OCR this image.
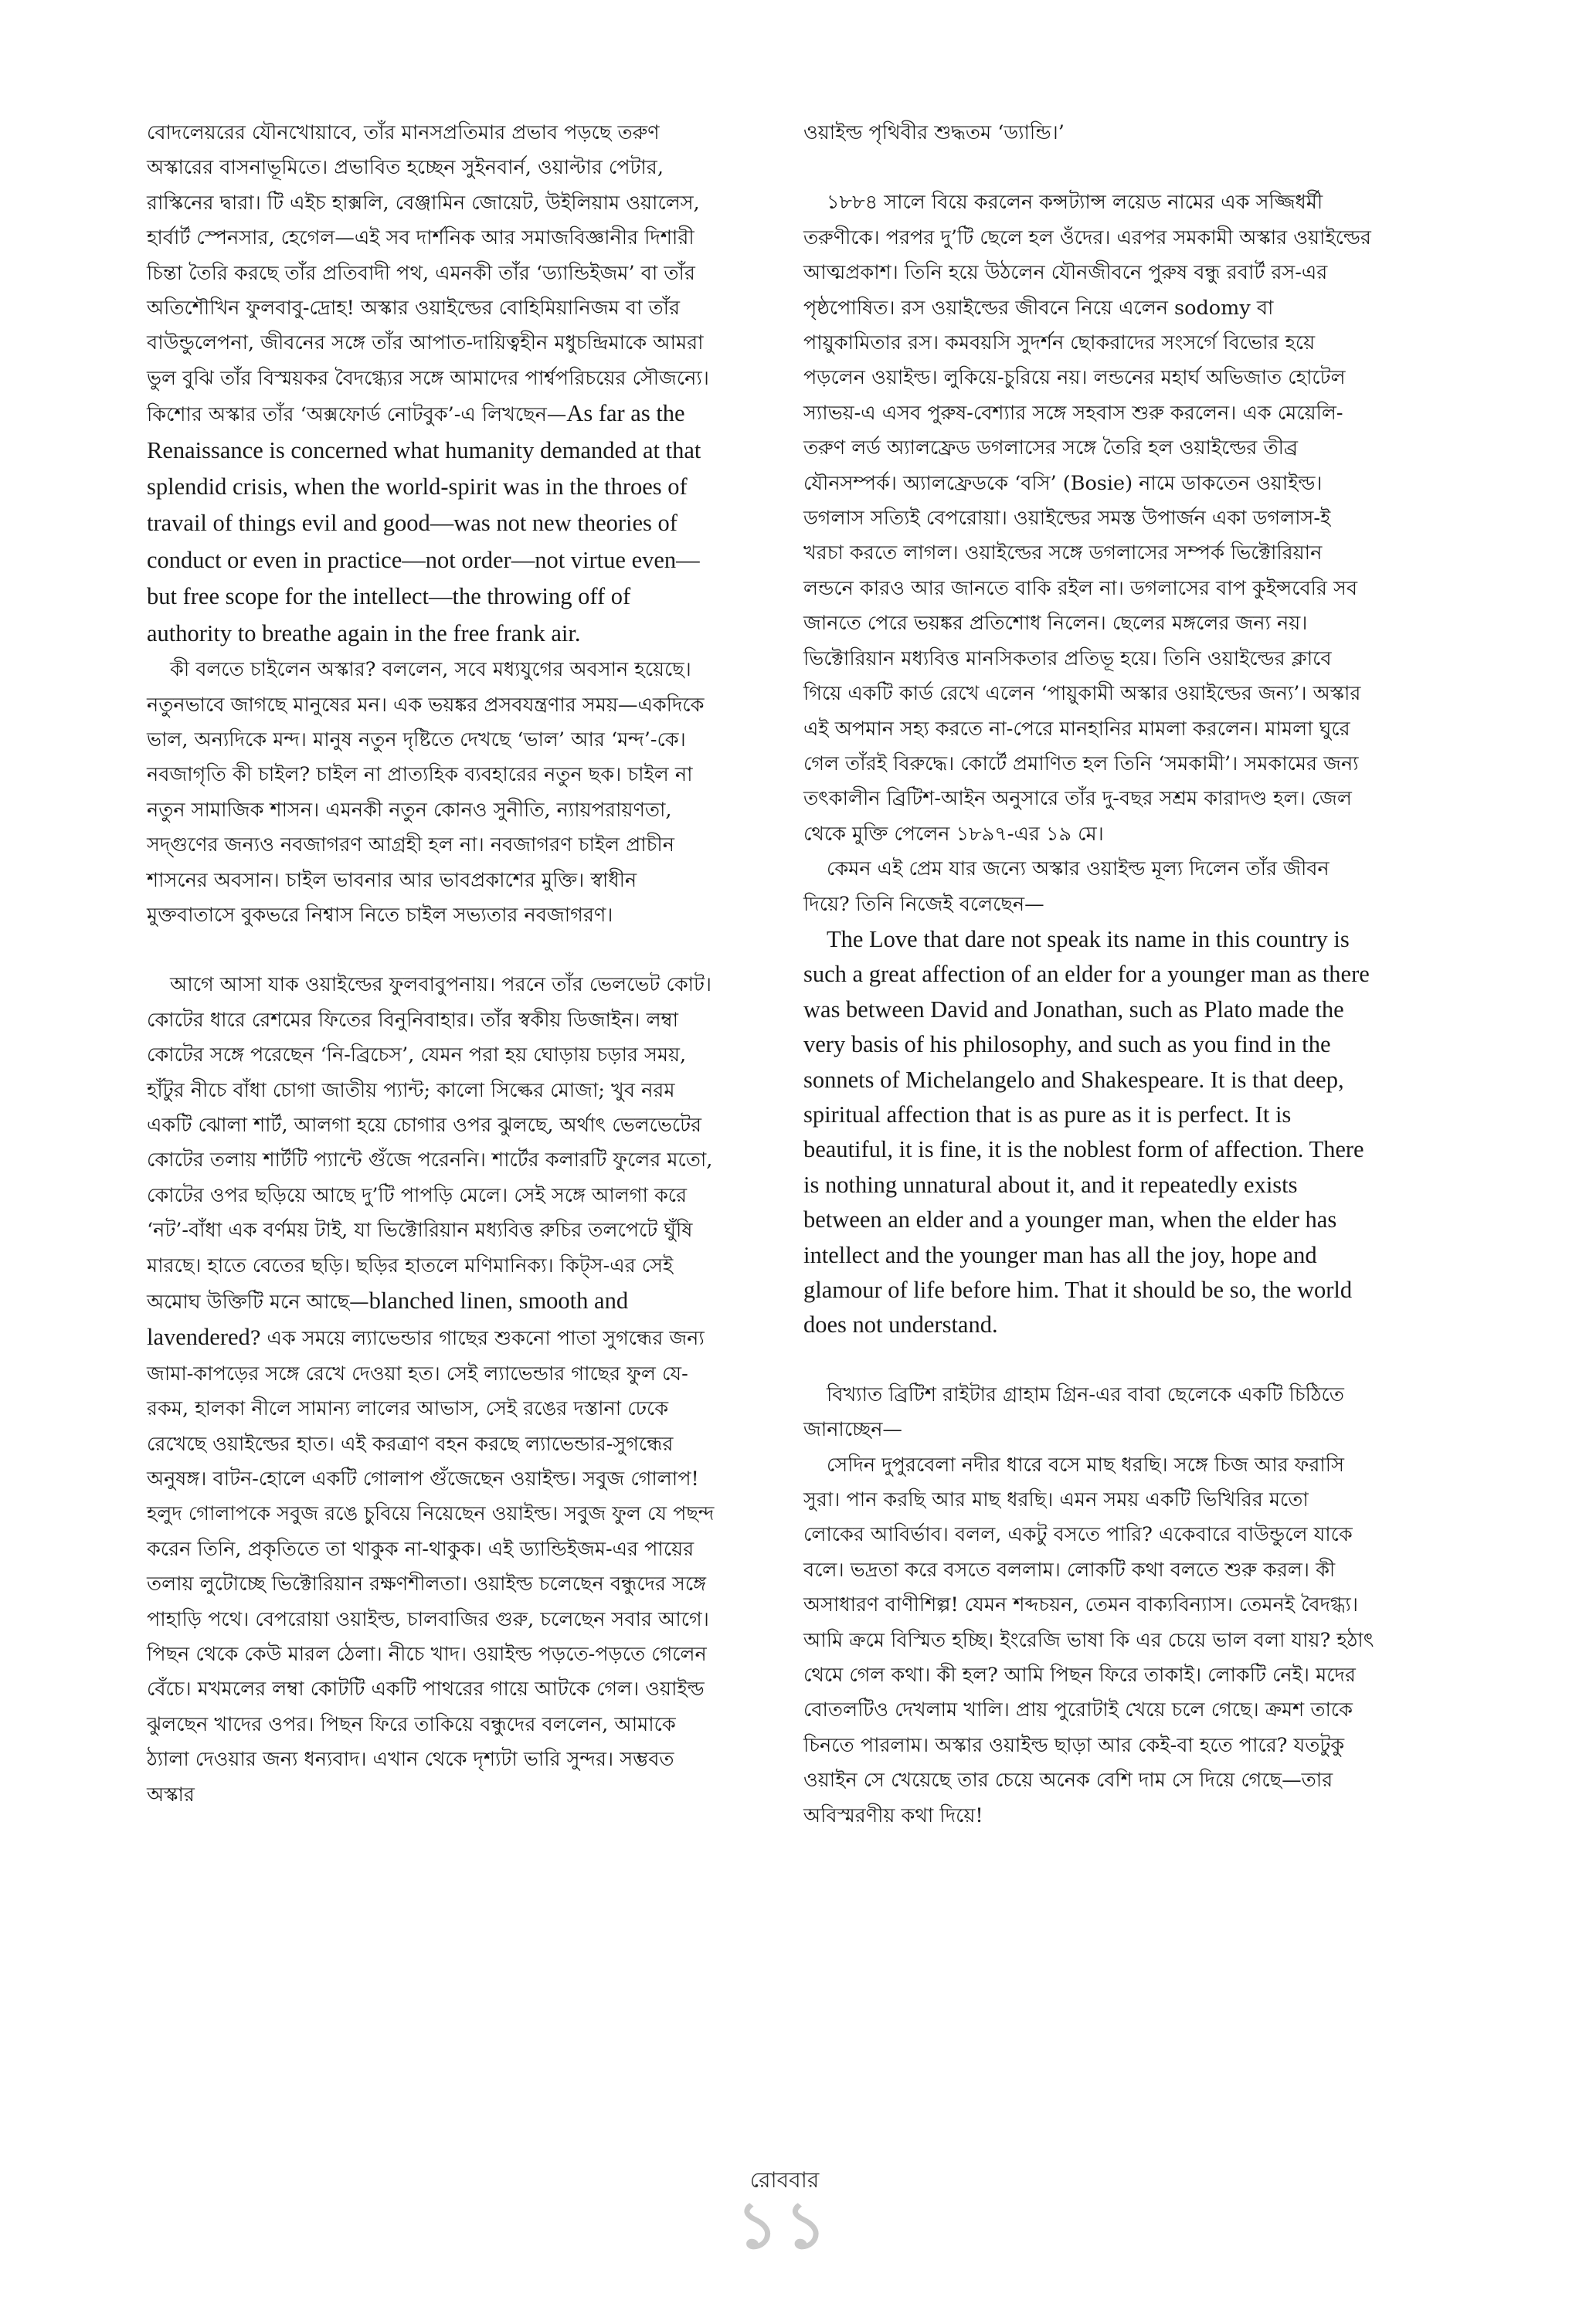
বোদলেয়রের যৌনখোয়াবে, তাঁর মানসপ্রতিমার প্রভাব পড়ছে তরুণ অস্কারের বাসনাভূমিতে। প্রভাবিত হচ্ছেন সুইনবার্ন, ওয়াল্টার পেটার, রাস্কিনের দ্বারা। টি এইচ হাক্সলি, বেঞ্জামিন জোয়েট, উইলিয়াম ওয়ালেস, হার্বার্ট স্পেনসার, হেগেল—এই সব দার্শনিক আর সমাজবিজ্ঞানীর দিশারী চিন্তা তৈরি করছে তাঁর প্রতিবাদী পথ, এমনকী তাঁর ‘ড্যান্ডিইজম’ বা তাঁর অতিশৌখিন ফুলবাবু-দ্রোহ! অস্কার ওয়াইল্ডের বোহিমিয়ানিজম বা তাঁর বাউন্ডুলেপনা, জীবনের সঙ্গে তাঁর আপাত-দায়িত্বহীন মধুচন্দ্রিমাকে আমরা ভুল বুঝি তাঁর বিস্ময়কর বৈদগ্ধ্যের সঙ্গে আমাদের পার্শ্বপরিচয়ের সৌজন্যে। কিশোর অস্কার তাঁর ‘অক্সফোর্ড নোটবুক’-এ লিখছেন—As far as the Renaissance is concerned what humanity demanded at that splendid crisis, when the world-spirit was in the throes of travail of things evil and good—was not new theories of conduct or even in practice—not order—not virtue even—but free scope for the intellect—the throwing off of authority to breathe again in the free frank air.

কী বলতে চাইলেন অস্কার? বললেন, সবে মধ্যযুগের অবসান হয়েছে। নতুনভাবে জাগছে মানুষের মন। এক ভয়ঙ্কর প্রসবযন্ত্রণার সময়—একদিকে ভাল, অন্যদিকে মন্দ। মানুষ নতুন দৃষ্টিতে দেখছে ‘ভাল’ আর ‘মন্দ’-কে। নবজাগৃতি কী চাইল? চাইল না প্রাত্যহিক ব্যবহারের নতুন ছক। চাইল না নতুন সামাজিক শাসন। এমনকী নতুন কোনও সুনীতি, ন্যায়পরায়ণতা, সদ্‌গুণের জন্যও নবজাগরণ আগ্রহী হল না। নবজাগরণ চাইল প্রাচীন শাসনের অবসান। চাইল ভাবনার আর ভাবপ্রকাশের মুক্তি। স্বাধীন মুক্তবাতাসে বুকভরে নিশ্বাস নিতে চাইল সভ্যতার নবজাগরণ।

আগে আসা যাক ওয়াইল্ডের ফুলবাবুপনায়। পরনে তাঁর ভেলভেট কোট। কোটের ধারে রেশমের ফিতের বিনুনিবাহার। তাঁর স্বকীয় ডিজাইন। লম্বা কোটের সঙ্গে পরেছেন ‘নি-ব্রিচেস’, যেমন পরা হয় ঘোড়ায় চড়ার সময়, হাঁটুর নীচে বাঁধা চোগা জাতীয় প্যান্ট; কালো সিল্কের মোজা; খুব নরম একটি ঝোলা শার্ট, আলগা হয়ে চোগার ওপর ঝুলছে, অর্থাৎ ভেলভেটের কোটের তলায় শার্টটি প্যান্টে গুঁজে পরেননি। শার্টের কলারটি ফুলের মতো, কোটের ওপর ছড়িয়ে আছে দু’টি পাপড়ি মেলে। সেই সঙ্গে আলগা করে ‘নট’-বাঁধা এক বর্ণময় টাই, যা ভিক্টোরিয়ান মধ্যবিত্ত রুচির তলপেটে ঘুঁষি মারছে। হাতে বেতের ছড়ি। ছড়ির হাতলে মণিমানিক্য। কিট্‌স-এর সেই অমোঘ উক্তিটি মনে আছে—blanched linen, smooth and lavendered? এক সময়ে ল্যাভেন্ডার গাছের শুকনো পাতা সুগন্ধের জন্য জামা-কাপড়ের সঙ্গে রেখে দেওয়া হত। সেই ল্যাভেন্ডার গাছের ফুল যে-রকম, হালকা নীলে সামান্য লালের আভাস, সেই রঙের দস্তানা ঢেকে রেখেছে ওয়াইল্ডের হাত। এই করত্রাণ বহন করছে ল্যাভেন্ডার-সুগন্ধের অনুষঙ্গ। বাটন-হোলে একটি গোলাপ গুঁজেছেন ওয়াইল্ড। সবুজ গোলাপ! হলুদ গোলাপকে সবুজ রঙে চুবিয়ে নিয়েছেন ওয়াইল্ড। সবুজ ফুল যে পছন্দ করেন তিনি, প্রকৃতিতে তা থাকুক না-থাকুক। এই ড্যান্ডিইজম-এর পায়ের তলায় লুটোচ্ছে ভিক্টোরিয়ান রক্ষণশীলতা। ওয়াইল্ড চলেছেন বন্ধুদের সঙ্গে পাহাড়ি পথে। বেপরোয়া ওয়াইল্ড, চালবাজির গুরু, চলেছেন সবার আগে। পিছন থেকে কেউ মারল ঠেলা। নীচে খাদ। ওয়াইল্ড পড়তে-পড়তে গেলেন বেঁচে। মখমলের লম্বা কোটটি একটি পাথরের গায়ে আটকে গেল। ওয়াইল্ড ঝুলছেন খাদের ওপর। পিছন ফিরে তাকিয়ে বন্ধুদের বললেন, আমাকে ঠ্যালা দেওয়ার জন্য ধন্যবাদ। এখান থেকে দৃশ্যটা ভারি সুন্দর। সম্ভবত অস্কার

ওয়াইল্ড পৃথিবীর শুদ্ধতম ‘ড্যান্ডি।’

১৮৮৪ সালে বিয়ে করলেন কন্সট্যান্স লয়েড নামের এক সজ্জিধর্মী তরুণীকে। পরপর দু’টি ছেলে হল ওঁদের। এরপর সমকামী অস্কার ওয়াইল্ডের আত্মপ্রকাশ। তিনি হয়ে উঠলেন যৌনজীবনে পুরুষ বন্ধু রবার্ট রস-এর পৃষ্ঠপোষিত। রস ওয়াইল্ডের জীবনে নিয়ে এলেন sodomy বা পায়ুকামিতার রস। কমবয়সি সুদর্শন ছোকরাদের সংসর্গে বিভোর হয়ে পড়লেন ওয়াইল্ড। লুকিয়ে-চুরিয়ে নয়। লন্ডনের মহার্ঘ অভিজাত হোটেল স্যাভয়-এ এসব পুরুষ-বেশ্যার সঙ্গে সহবাস শুরু করলেন। এক মেয়েলি-তরুণ লর্ড অ্যালফ্রেড ডগলাসের সঙ্গে তৈরি হল ওয়াইল্ডের তীব্র যৌনসম্পর্ক। অ্যালফ্রেডকে ‘বসি’ (Bosie) নামে ডাকতেন ওয়াইল্ড। ডগলাস সত্যিই বেপরোয়া। ওয়াইল্ডের সমস্ত উপার্জন একা ডগলাস-ই খরচা করতে লাগল। ওয়াইল্ডের সঙ্গে ডগলাসের সম্পর্ক ভিক্টোরিয়ান লন্ডনে কারও আর জানতে বাকি রইল না। ডগলাসের বাপ কুইন্সবেরি সব জানতে পেরে ভয়ঙ্কর প্রতিশোধ নিলেন। ছেলের মঙ্গলের জন্য নয়। ভিক্টোরিয়ান মধ্যবিত্ত মানসিকতার প্রতিভূ হয়ে। তিনি ওয়াইল্ডের ক্লাবে গিয়ে একটি কার্ড রেখে এলেন ‘পায়ুকামী অস্কার ওয়াইল্ডের জন্য’। অস্কার এই অপমান সহ্য করতে না-পেরে মানহানির মামলা করলেন। মামলা ঘুরে গেল তাঁরই বিরুদ্ধে। কোর্টে প্রমাণিত হল তিনি ‘সমকামী’। সমকামের জন্য তৎকালীন ব্রিটিশ-আইন অনুসারে তাঁর দু-বছর সশ্রম কারাদণ্ড হল। জেল থেকে মুক্তি পেলেন ১৮৯৭-এর ১৯ মে।

কেমন এই প্রেম যার জন্যে অস্কার ওয়াইল্ড মূল্য দিলেন তাঁর জীবন দিয়ে? তিনি নিজেই বলেছেন—

The Love that dare not speak its name in this country is such a great affection of an elder for a younger man as there was between David and Jonathan, such as Plato made the very basis of his philosophy, and such as you find in the sonnets of Michelangelo and Shakespeare. It is that deep, spiritual affection that is as pure as it is perfect. It is beautiful, it is fine, it is the noblest form of affection. There is nothing unnatural about it, and it repeatedly exists between an elder and a younger man, when the elder has intellect and the younger man has all the joy, hope and glamour of life before him. That it should be so, the world does not understand.

বিখ্যাত ব্রিটিশ রাইটার গ্রাহাম গ্রিন-এর বাবা ছেলেকে একটি চিঠিতে জানাচ্ছেন—

সেদিন দুপুরবেলা নদীর ধারে বসে মাছ ধরছি। সঙ্গে চিজ আর ফরাসি সুরা। পান করছি আর মাছ ধরছি। এমন সময় একটি ভিখিরির মতো লোকের আবির্ভাব। বলল, একটু বসতে পারি? একেবারে বাউন্ডুলে যাকে বলে। ভদ্রতা করে বসতে বললাম। লোকটি কথা বলতে শুরু করল। কী অসাধারণ বাণীশিল্প! যেমন শব্দচয়ন, তেমন বাক্যবিন্যাস। তেমনই বৈদগ্ধ্য। আমি ক্রমে বিস্মিত হচ্ছি। ইংরেজি ভাষা কি এর চেয়ে ভাল বলা যায়? হঠাৎ থেমে গেল কথা। কী হল? আমি পিছন ফিরে তাকাই। লোকটি নেই। মদের বোতলটিও দেখলাম খালি। প্রায় পুরোটাই খেয়ে চলে গেছে। ক্রমশ তাকে চিনতে পারলাম। অস্কার ওয়াইল্ড ছাড়া আর কেই-বা হতে পারে? যতটুকু ওয়াইন সে খেয়েছে তার চেয়ে অনেক বেশি দাম সে দিয়ে গেছে—তার অবিস্মরণীয় কথা দিয়ে!

রোববার
১১
